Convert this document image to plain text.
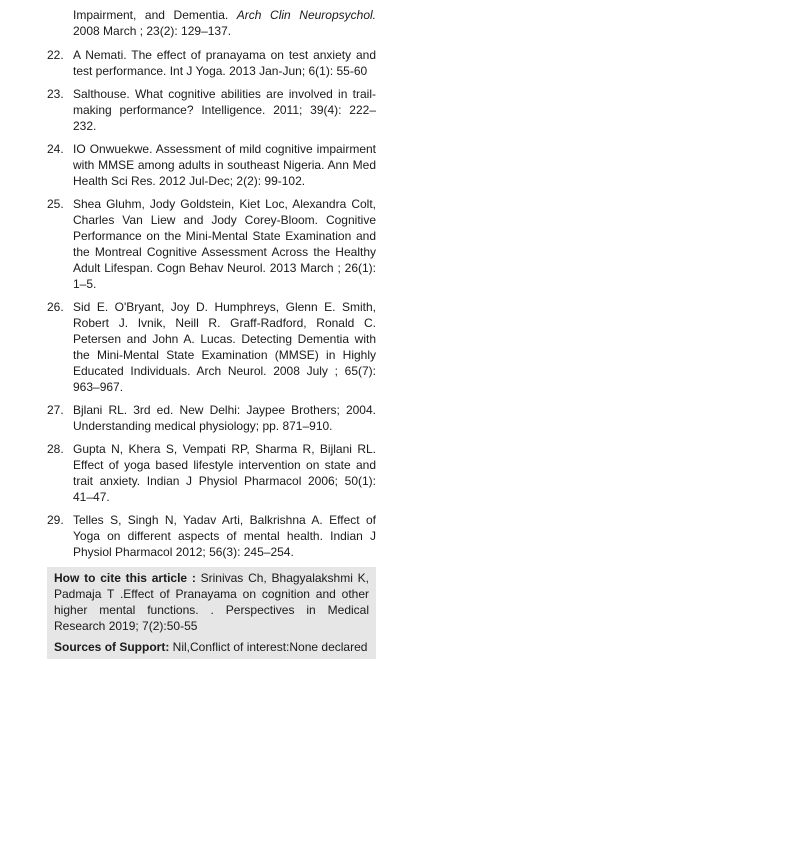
Impairment, and Dementia. Arch Clin Neuropsychol. 2008 March ; 23(2): 129–137.
22. A Nemati. The effect of pranayama on test anxiety and test performance. Int J Yoga. 2013 Jan-Jun; 6(1): 55-60
23. Salthouse. What cognitive abilities are involved in trail-making performance? Intelligence. 2011; 39(4): 222–232.
24. IO Onwuekwe. Assessment of mild cognitive impairment with MMSE among adults in southeast Nigeria. Ann Med Health Sci Res. 2012 Jul-Dec; 2(2): 99-102.
25. Shea Gluhm, Jody Goldstein, Kiet Loc, Alexandra Colt, Charles Van Liew and Jody Corey-Bloom. Cognitive Performance on the Mini-Mental State Examination and the Montreal Cognitive Assessment Across the Healthy Adult Lifespan. Cogn Behav Neurol. 2013 March ; 26(1): 1–5.
26. Sid E. O'Bryant, Joy D. Humphreys, Glenn E. Smith, Robert J. Ivnik, Neill R. Graff-Radford, Ronald C. Petersen and John A. Lucas. Detecting Dementia with the Mini-Mental State Examination (MMSE) in Highly Educated Individuals. Arch Neurol. 2008 July ; 65(7): 963–967.
27. Bjlani RL. 3rd ed. New Delhi: Jaypee Brothers; 2004. Understanding medical physiology; pp. 871–910.
28. Gupta N, Khera S, Vempati RP, Sharma R, Bijlani RL. Effect of yoga based lifestyle intervention on state and trait anxiety. Indian J Physiol Pharmacol 2006; 50(1): 41–47.
29. Telles S, Singh N, Yadav Arti, Balkrishna A. Effect of Yoga on different aspects of mental health. Indian J Physiol Pharmacol 2012; 56(3): 245–254.

How to cite this article : Srinivas Ch, Bhagyalakshmi K, Padmaja T .Effect of Pranayama on cognition and other higher mental functions. . Perspectives in Medical Research 2019; 7(2):50-55

Sources of Support: Nil,Conflict of interest:None declared
